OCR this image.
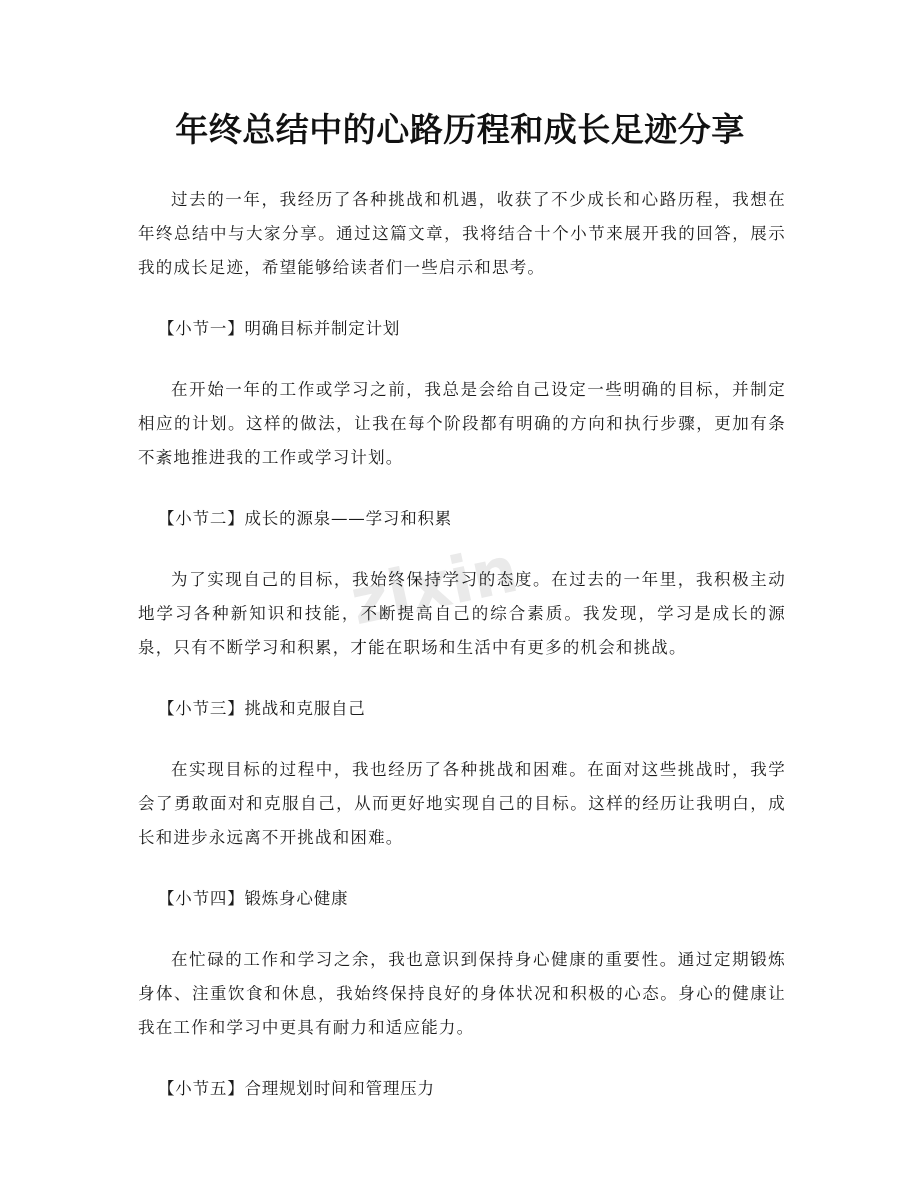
zixin
年终总结中的心路历程和成长足迹分享

过去的一年，我经历了各种挑战和机遇，收获了不少成长和心路历程，我想在年终总结中与大家分享。通过这篇文章，我将结合十个小节来展开我的回答，展示我的成长足迹，希望能够给读者们一些启示和思考。

【小节一】明确目标并制定计划

在开始一年的工作或学习之前，我总是会给自己设定一些明确的目标，并制定相应的计划。这样的做法，让我在每个阶段都有明确的方向和执行步骤，更加有条不紊地推进我的工作或学习计划。

【小节二】成长的源泉——学习和积累

为了实现自己的目标，我始终保持学习的态度。在过去的一年里，我积极主动地学习各种新知识和技能，不断提高自己的综合素质。我发现，学习是成长的源泉，只有不断学习和积累，才能在职场和生活中有更多的机会和挑战。

【小节三】挑战和克服自己

在实现目标的过程中，我也经历了各种挑战和困难。在面对这些挑战时，我学会了勇敢面对和克服自己，从而更好地实现自己的目标。这样的经历让我明白，成长和进步永远离不开挑战和困难。

【小节四】锻炼身心健康

在忙碌的工作和学习之余，我也意识到保持身心健康的重要性。通过定期锻炼身体、注重饮食和休息，我始终保持良好的身体状况和积极的心态。身心的健康让我在工作和学习中更具有耐力和适应能力。

【小节五】合理规划时间和管理压力
